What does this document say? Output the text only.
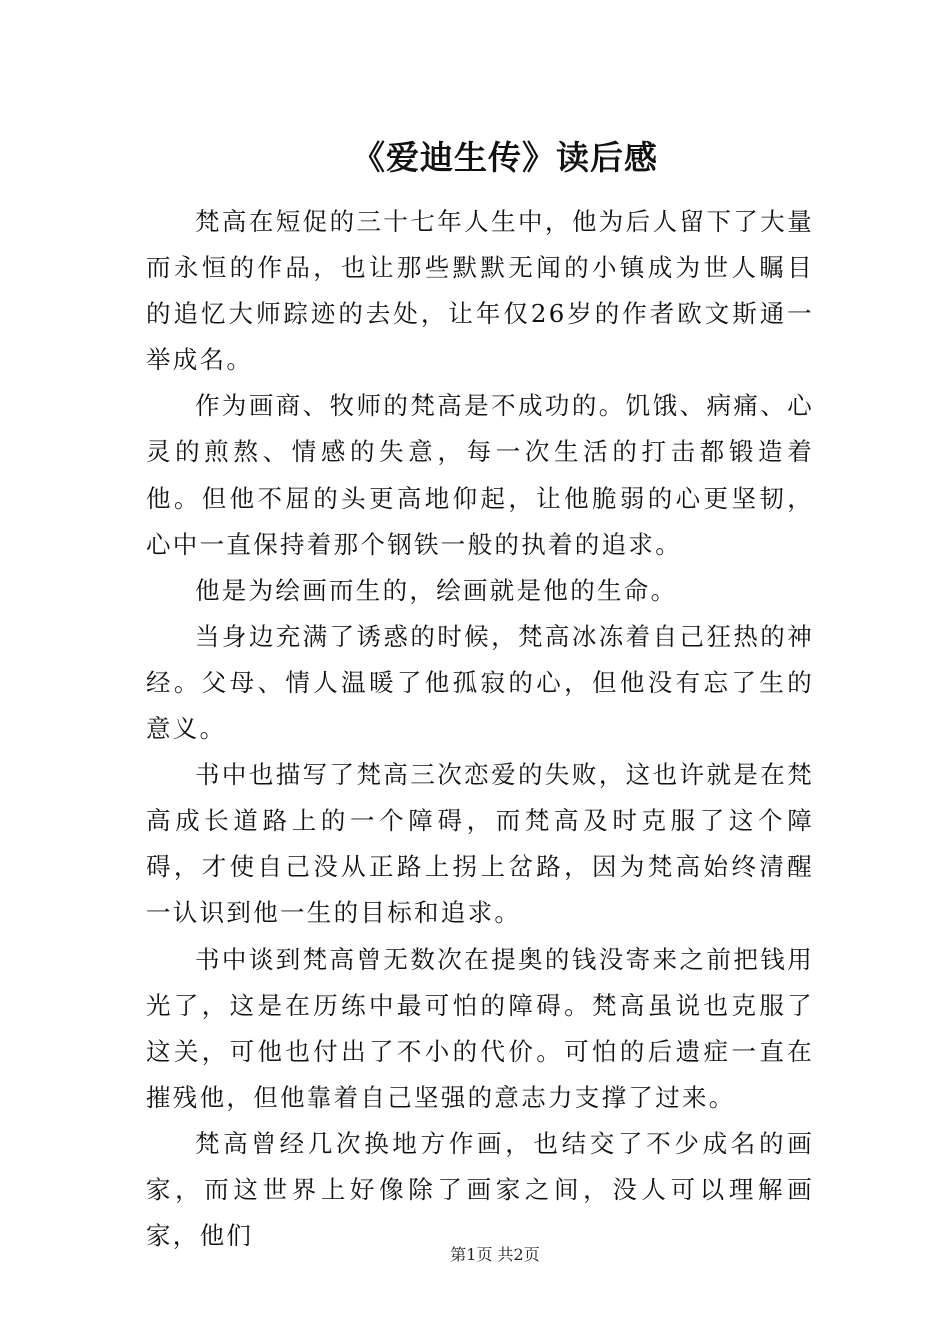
《爱迪生传》读后感

梵高在短促的三十七年人生中，他为后人留下了大量而永恒的作品，也让那些默默无闻的小镇成为世人瞩目的追忆大师踪迹的去处，让年仅26岁的作者欧文斯通一举成名。

作为画商、牧师的梵高是不成功的。饥饿、病痛、心灵的煎熬、情感的失意，每一次生活的打击都锻造着他。但他不屈的头更高地仰起，让他脆弱的心更坚韧，心中一直保持着那个钢铁一般的执着的追求。

他是为绘画而生的，绘画就是他的生命。

当身边充满了诱惑的时候，梵高冰冻着自己狂热的神经。父母、情人温暖了他孤寂的心，但他没有忘了生的意义。

书中也描写了梵高三次恋爱的失败，这也许就是在梵高成长道路上的一个障碍，而梵高及时克服了这个障碍，才使自己没从正路上拐上岔路，因为梵高始终清醒一认识到他一生的目标和追求。

书中谈到梵高曾无数次在提奥的钱没寄来之前把钱用光了，这是在历练中最可怕的障碍。梵高虽说也克服了这关，可他也付出了不小的代价。可怕的后遗症一直在摧残他，但他靠着自己坚强的意志力支撑了过来。

梵高曾经几次换地方作画，也结交了不少成名的画家，而这世界上好像除了画家之间，没人可以理解画家，他们

第1页 共2页
